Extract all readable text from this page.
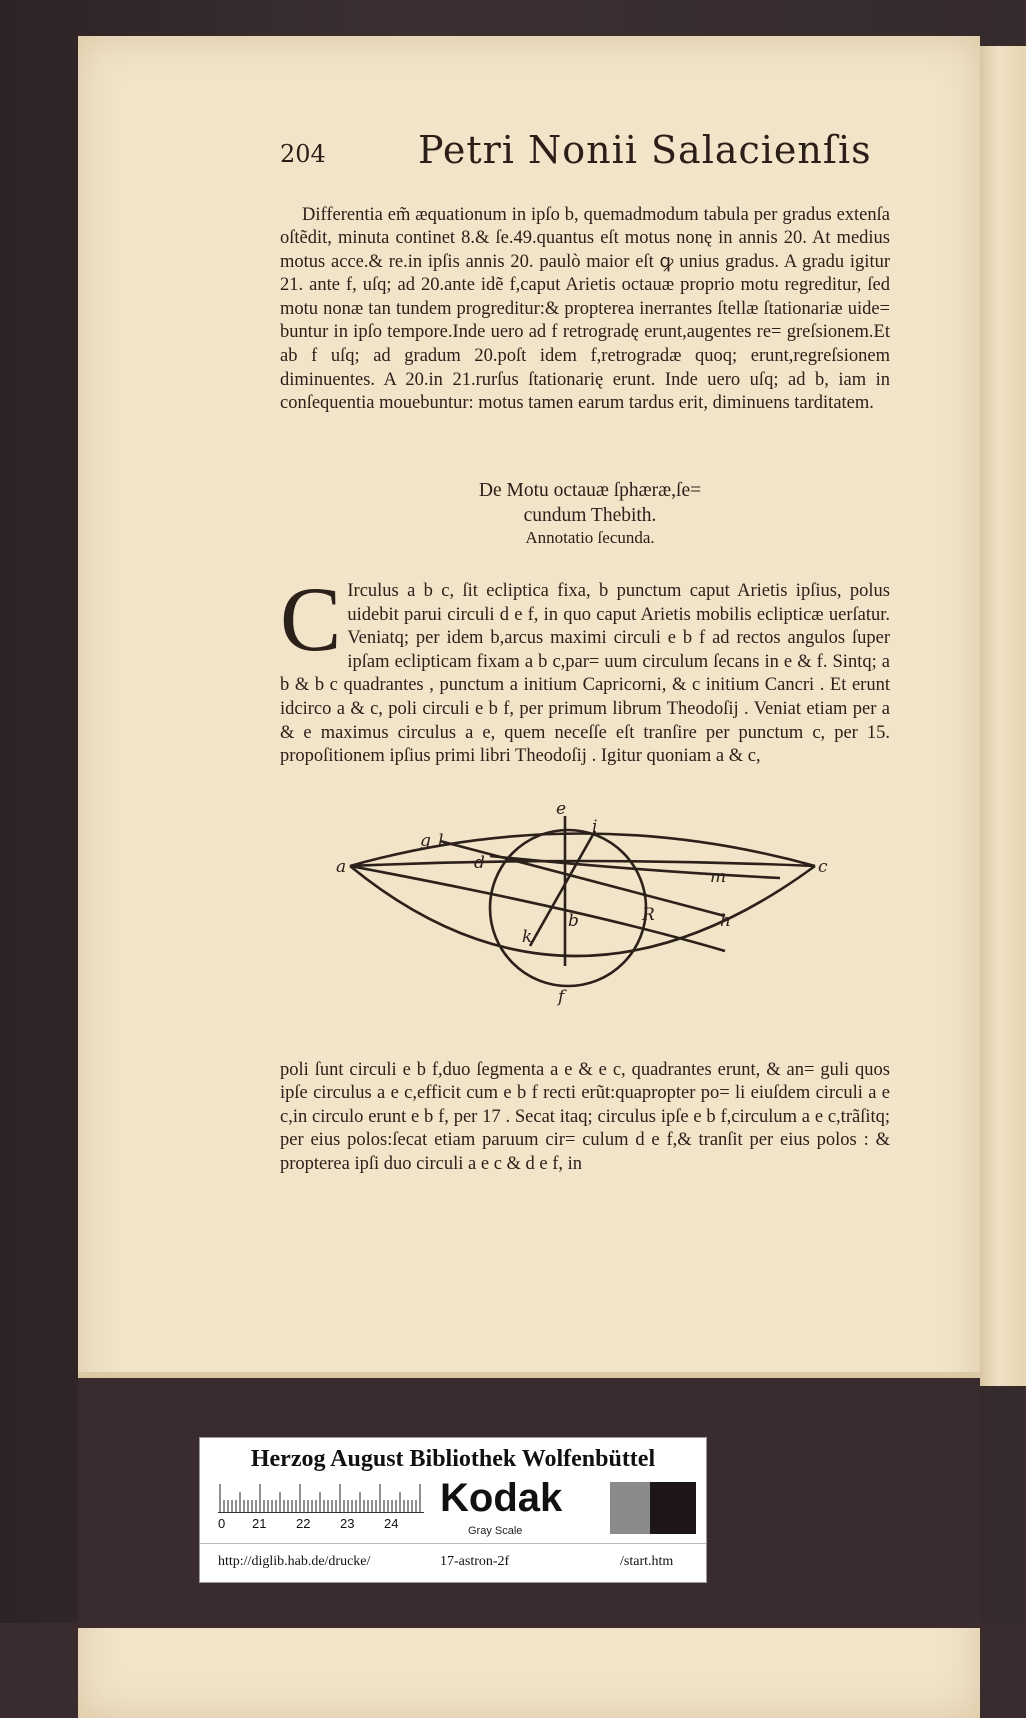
204 Petri Nonii Salacienſis

Differentia em̃ æquationum in ipſo b, quemadmodum tabula per gradus extenſa oſtẽdit, minuta continet 8.& ſe.49.quantus eſt motus nonę in annis 20. At medius motus acce.& re.in ipſis annis 20. paulò maior eſt ꝙ unius gradus. A gradu igitur 21. ante f, uſq; ad 20.ante idẽ f,caput Arietis octauæ proprio motu regreditur, ſed motu nonæ tan tundem progreditur:& propterea inerrantes ſtellæ ſtationariæ uide= buntur in ipſo tempore.Inde uero ad f retrogradę erunt,augentes re= greſsionem.Et ab f uſq; ad gradum 20.poſt idem f,retrogradæ quoq; erunt,regreſsionem diminuentes. A 20.in 21.rurſus ſtationarię erunt. Inde uero uſq; ad b, iam in conſequentia mouebuntur: motus tamen earum tardus erit, diminuens tarditatem.

De Motu octauæ ſphæræ,ſe=
cundum Thebith.
Annotatio ſecunda.
C Irculus a b c, ſit ecliptica fixa, b punctum caput Arietis ipſius, polus uidebit parui circuli d e f, in quo caput Arietis mobilis eclipticæ uerſatur. Veniatq; per idem b,arcus maximi circuli e b f ad rectos angulos ſuper ipſam eclipticam fixam a b c,par= uum circulum ſecans in e & f. Sintq; a b & b c quadrantes , punctum a initium Capricorni, & c initium Cancri . Et erunt idcirco a & c, poli circuli e b f, per primum librum Theodoſij . Veniat etiam per a & e maximus circulus a e, quem neceſſe eſt tranſire per punctum c, per 15. propoſitionem ipſius primi libri Theodoſij . Igitur quoniam a & c,

a	c
e
f
b
g l
d
i
m
k
R	h

poli ſunt circuli e b f,duo ſegmenta a e & e c, quadrantes erunt, & an= guli quos ipſe circulus a e c,efficit cum e b f recti erũt:quapropter po= li eiuſdem circuli a e c,in circulo erunt e b f, per 17 . Secat itaq; circulus ipſe e b f,circulum a e c,trãſitq; per eius polos:ſecat etiam paruum cir= culum d e f,& tranſit per eius polos : & propterea ipſi duo circuli a e c & d e f, in

Herzog August Bibliothek Wolfenbüttel
0 21 22 23 24
Kodak
Gray Scale
http://diglib.hab.de/drucke/	17-astron-2f	/start.htm
